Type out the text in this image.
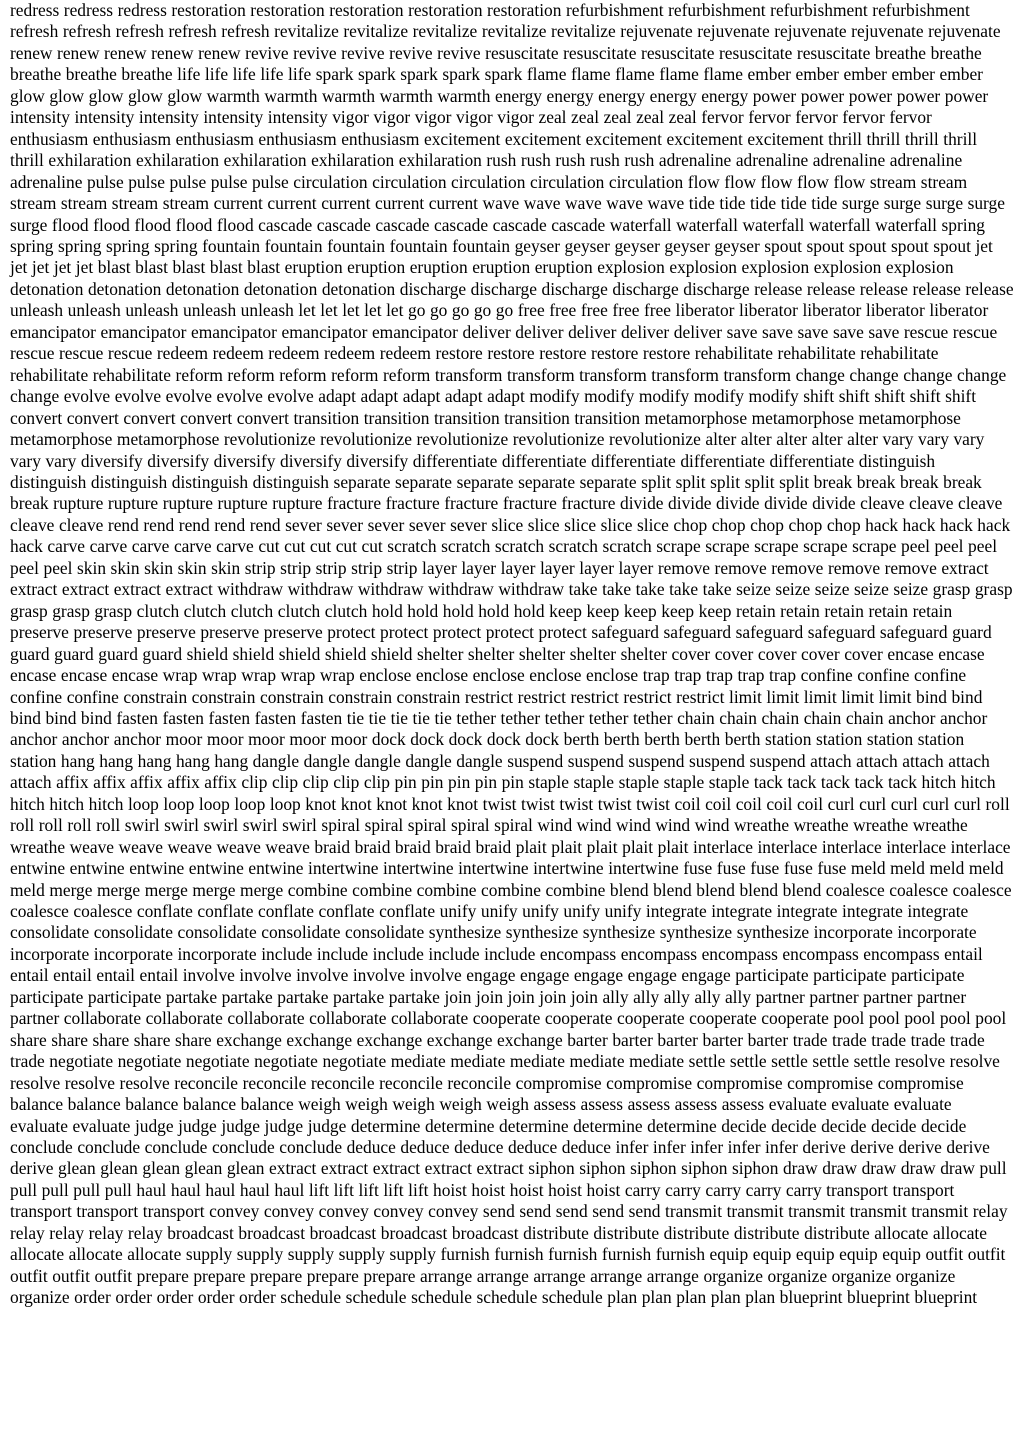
redress redress redress restoration restoration restoration restoration restoration refurbishment refurbishment refurbishment refurbishment refresh refresh refresh refresh refresh revitalize revitalize revitalize revitalize revitalize rejuvenate rejuvenate rejuvenate rejuvenate rejuvenate renew renew renew renew renew revive revive revive revive revive resuscitate resuscitate resuscitate resuscitate resuscitate breathe breathe breathe breathe breathe life life life life life spark spark spark spark spark flame flame flame flame flame ember ember ember ember ember glow glow glow glow glow warmth warmth warmth warmth warmth energy energy energy energy energy power power power power power intensity intensity intensity intensity intensity vigor vigor vigor vigor vigor zeal zeal zeal zeal zeal fervor fervor fervor fervor fervor enthusiasm enthusiasm enthusiasm enthusiasm enthusiasm excitement excitement excitement excitement excitement thrill thrill thrill thrill thrill exhilaration exhilaration exhilaration exhilaration exhilaration rush rush rush rush rush adrenaline adrenaline adrenaline adrenaline adrenaline pulse pulse pulse pulse pulse circulation circulation circulation circulation circulation flow flow flow flow flow stream stream stream stream stream stream current current current current current wave wave wave wave wave tide tide tide tide tide surge surge surge surge surge flood flood flood flood flood cascade cascade cascade cascade cascade cascade waterfall waterfall waterfall waterfall waterfall spring spring spring spring spring fountain fountain fountain fountain fountain geyser geyser geyser geyser geyser spout spout spout spout spout jet jet jet jet jet blast blast blast blast blast eruption eruption eruption eruption eruption explosion explosion explosion explosion explosion detonation detonation detonation detonation detonation discharge discharge discharge discharge discharge release release release release release unleash unleash unleash unleash unleash let let let let let go go go go go free free free free free liberator liberator liberator liberator liberator emancipator emancipator emancipator emancipator emancipator deliver deliver deliver deliver deliver save save save save save rescue rescue rescue rescue rescue redeem redeem redeem redeem redeem restore restore restore restore restore rehabilitate rehabilitate rehabilitate rehabilitate rehabilitate reform reform reform reform reform transform transform transform transform transform change change change change change evolve evolve evolve evolve evolve adapt adapt adapt adapt adapt modify modify modify modify modify shift shift shift shift shift convert convert convert convert convert transition transition transition transition transition metamorphose metamorphose metamorphose metamorphose metamorphose revolutionize revolutionize revolutionize revolutionize revolutionize alter alter alter alter alter vary vary vary vary vary diversify diversify diversify diversify diversify differentiate differentiate differentiate differentiate differentiate distinguish distinguish distinguish distinguish distinguish separate separate separate separate separate split split split split split break break break break break rupture rupture rupture rupture rupture fracture fracture fracture fracture fracture divide divide divide divide divide cleave cleave cleave cleave cleave rend rend rend rend rend sever sever sever sever sever slice slice slice slice slice chop chop chop chop chop hack hack hack hack hack carve carve carve carve carve cut cut cut cut cut scratch scratch scratch scratch scratch scrape scrape scrape scrape scrape peel peel peel peel peel skin skin skin skin skin strip strip strip strip strip layer layer layer layer layer layer remove remove remove remove remove extract extract extract extract extract withdraw withdraw withdraw withdraw withdraw take take take take take seize seize seize seize seize grasp grasp grasp grasp grasp clutch clutch clutch clutch clutch hold hold hold hold hold keep keep keep keep keep retain retain retain retain retain preserve preserve preserve preserve preserve protect protect protect protect protect safeguard safeguard safeguard safeguard safeguard guard guard guard guard guard shield shield shield shield shield shelter shelter shelter shelter shelter cover cover cover cover cover encase encase encase encase encase wrap wrap wrap wrap wrap enclose enclose enclose enclose enclose trap trap trap trap trap confine confine confine confine confine constrain constrain constrain constrain constrain restrict restrict restrict restrict restrict limit limit limit limit limit bind bind bind bind bind fasten fasten fasten fasten fasten tie tie tie tie tie tether tether tether tether tether chain chain chain chain chain anchor anchor anchor anchor anchor moor moor moor moor moor dock dock dock dock dock berth berth berth berth berth station station station station station hang hang hang hang hang dangle dangle dangle dangle dangle suspend suspend suspend suspend suspend attach attach attach attach attach affix affix affix affix affix clip clip clip clip clip pin pin pin pin pin staple staple staple staple staple tack tack tack tack tack hitch hitch hitch hitch hitch loop loop loop loop loop knot knot knot knot knot twist twist twist twist twist coil coil coil coil coil curl curl curl curl curl roll roll roll roll roll swirl swirl swirl swirl swirl spiral spiral spiral spiral spiral wind wind wind wind wind wreathe wreathe wreathe wreathe wreathe weave weave weave weave weave braid braid braid braid braid plait plait plait plait plait interlace interlace interlace interlace interlace entwine entwine entwine entwine entwine intertwine intertwine intertwine intertwine intertwine fuse fuse fuse fuse fuse meld meld meld meld meld merge merge merge merge merge combine combine combine combine combine blend blend blend blend blend coalesce coalesce coalesce coalesce coalesce conflate conflate conflate conflate conflate unify unify unify unify unify integrate integrate integrate integrate integrate consolidate consolidate consolidate consolidate consolidate synthesize synthesize synthesize synthesize synthesize incorporate incorporate incorporate incorporate incorporate include include include include include encompass encompass encompass encompass encompass entail entail entail entail entail involve involve involve involve involve engage engage engage engage engage participate participate participate participate participate partake partake partake partake partake join join join join join ally ally ally ally ally partner partner partner partner partner collaborate collaborate collaborate collaborate collaborate cooperate cooperate cooperate cooperate cooperate pool pool pool pool pool share share share share share exchange exchange exchange exchange exchange barter barter barter barter barter trade trade trade trade trade trade negotiate negotiate negotiate negotiate negotiate mediate mediate mediate mediate mediate settle settle settle settle settle resolve resolve resolve resolve resolve reconcile reconcile reconcile reconcile reconcile compromise compromise compromise compromise compromise balance balance balance balance balance weigh weigh weigh weigh weigh assess assess assess assess assess evaluate evaluate evaluate evaluate evaluate judge judge judge judge judge determine determine determine determine determine decide decide decide decide decide conclude conclude conclude conclude conclude deduce deduce deduce deduce deduce infer infer infer infer infer derive derive derive derive derive glean glean glean glean glean extract extract extract extract extract siphon siphon siphon siphon siphon draw draw draw draw draw pull pull pull pull pull haul haul haul haul haul lift lift lift lift lift hoist hoist hoist hoist hoist carry carry carry carry carry transport transport transport transport transport convey convey convey convey convey send send send send send transmit transmit transmit transmit transmit relay relay relay relay relay broadcast broadcast broadcast broadcast broadcast distribute distribute distribute distribute distribute allocate allocate allocate allocate allocate supply supply supply supply supply furnish furnish furnish furnish furnish equip equip equip equip equip outfit outfit outfit outfit outfit prepare prepare prepare prepare prepare arrange arrange arrange arrange arrange organize organize organize organize organize order order order order order schedule schedule schedule schedule schedule plan plan plan plan plan blueprint blueprint blueprint
